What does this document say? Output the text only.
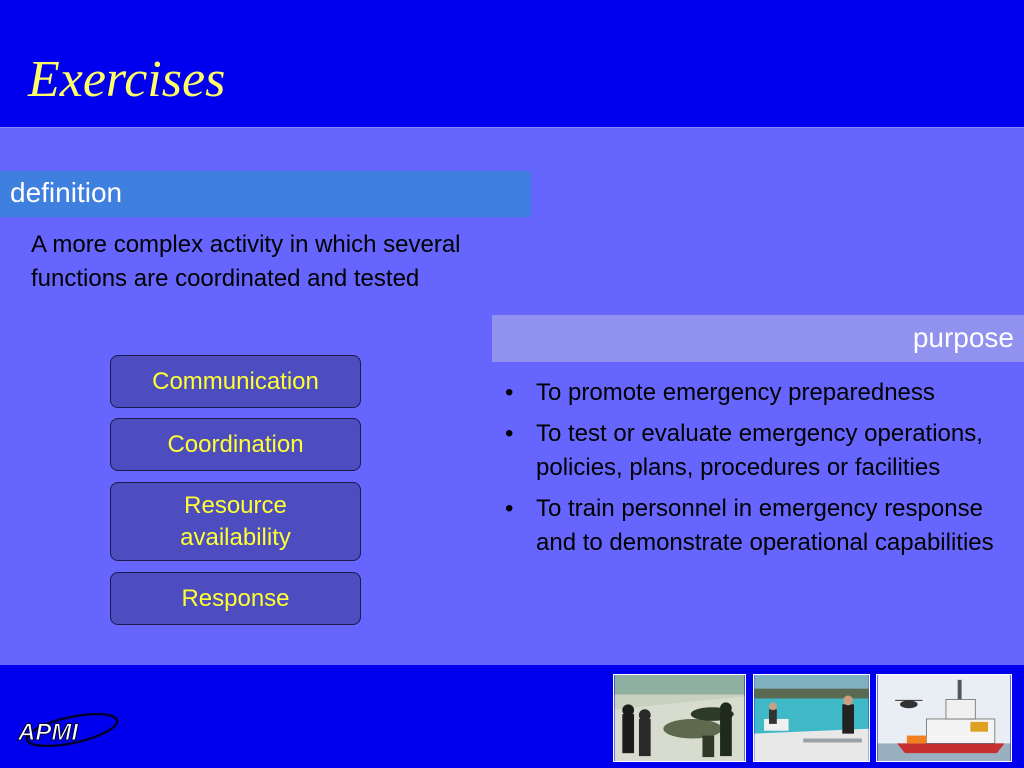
Exercises
definition
A more complex activity in which several functions are coordinated and tested
Communication
Coordination
Resource availability
Response
purpose
• To promote emergency preparedness
• To test or evaluate emergency operations, policies, plans, procedures or facilities
• To train personnel in emergency response and to demonstrate operational capabilities
APMI
